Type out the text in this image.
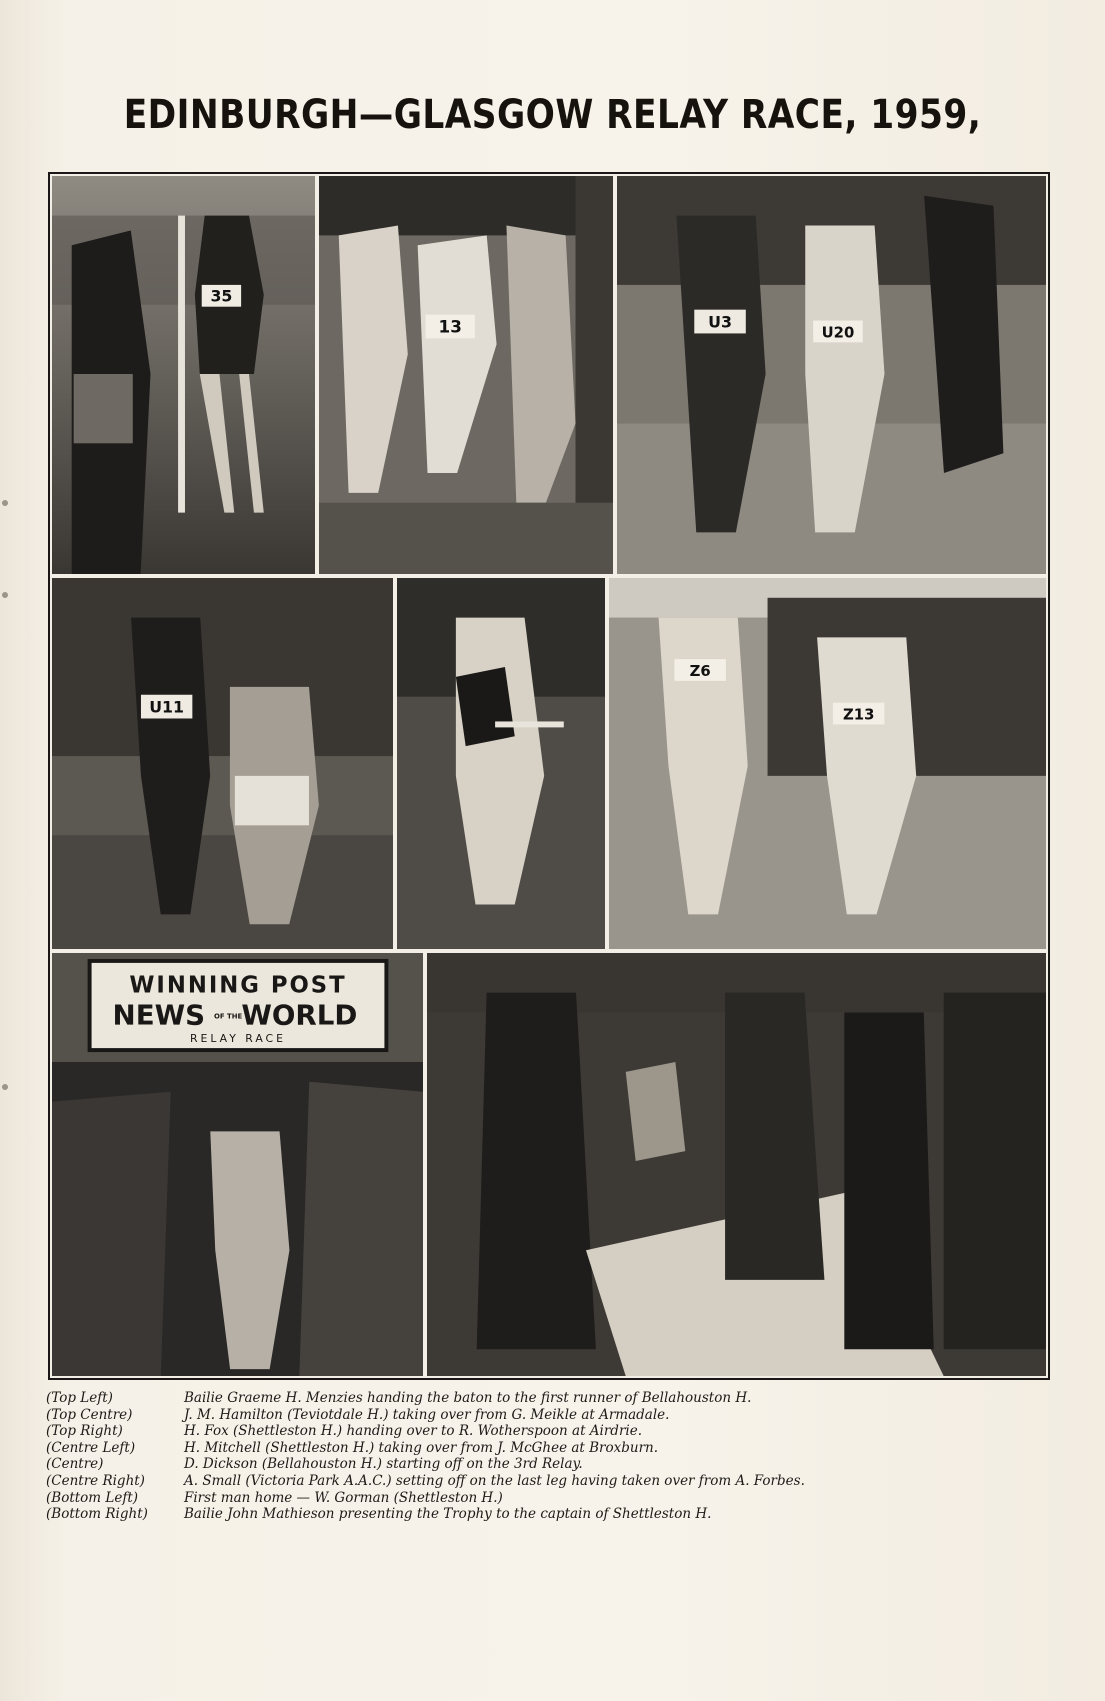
EDINBURGH—GLASGOW RELAY RACE, 1959,
35
13	U3
U20
U11
Z6
Z13
WINNING POST
NEWS OF THE WORLD
RELAY RACE
(Top Left)	Bailie Graeme H. Menzies handing the baton to the first runner of Bellahouston H.
(Top Centre)	J. M. Hamilton (Teviotdale H.) taking over from G. Meikle at Armadale.
(Top Right)	H. Fox (Shettleston H.) handing over to R. Wotherspoon at Airdrie.
(Centre Left)	H. Mitchell (Shettleston H.) taking over from J. McGhee at Broxburn.
(Centre)	D. Dickson (Bellahouston H.) starting off on the 3rd Relay.
(Centre Right)	A. Small (Victoria Park A.A.C.) setting off on the last leg having taken over from A. Forbes.
(Bottom Left)	First man home — W. Gorman (Shettleston H.)
(Bottom Right)	Bailie John Mathieson presenting the Trophy to the captain of Shettleston H.
